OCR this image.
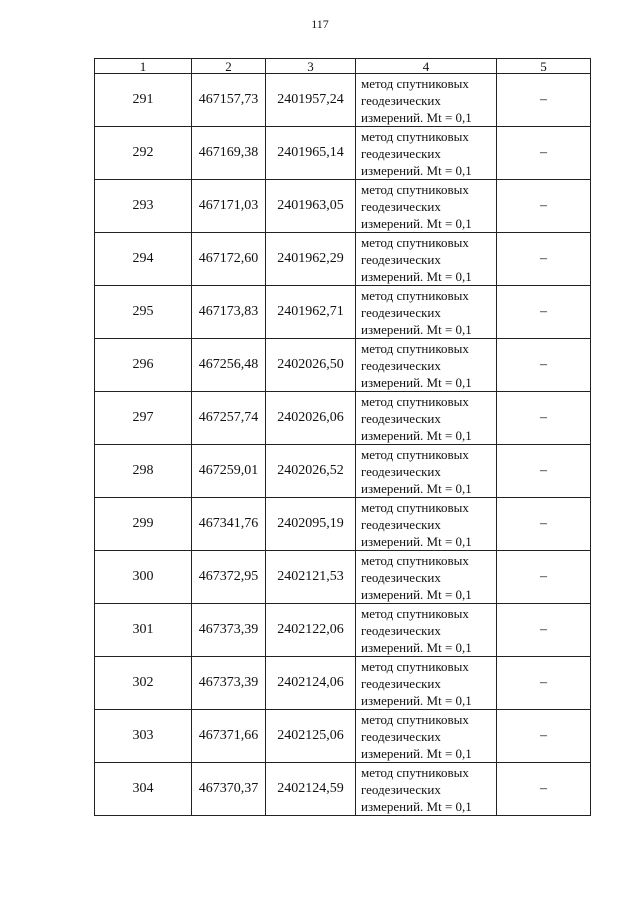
117
1	2	3	4	5
291	467157,73	2401957,24	метод спутниковых
геодезических
измерений. Mt = 0,1	–
292	467169,38	2401965,14	метод спутниковых
геодезических
измерений. Mt = 0,1	–
293	467171,03	2401963,05	метод спутниковых
геодезических
измерений. Mt = 0,1	–
294	467172,60	2401962,29	метод спутниковых
геодезических
измерений. Mt = 0,1	–
295	467173,83	2401962,71	метод спутниковых
геодезических
измерений. Mt = 0,1	–
296	467256,48	2402026,50	метод спутниковых
геодезических
измерений. Mt = 0,1	–
297	467257,74	2402026,06	метод спутниковых
геодезических
измерений. Mt = 0,1	–
298	467259,01	2402026,52	метод спутниковых
геодезических
измерений. Mt = 0,1	–
299	467341,76	2402095,19	метод спутниковых
геодезических
измерений. Mt = 0,1	–
300	467372,95	2402121,53	метод спутниковых
геодезических
измерений. Mt = 0,1	–
301	467373,39	2402122,06	метод спутниковых
геодезических
измерений. Mt = 0,1	–
302	467373,39	2402124,06	метод спутниковых
геодезических
измерений. Mt = 0,1	–
303	467371,66	2402125,06	метод спутниковых
геодезических
измерений. Mt = 0,1	–
304	467370,37	2402124,59	метод спутниковых
геодезических
измерений. Mt = 0,1	–
